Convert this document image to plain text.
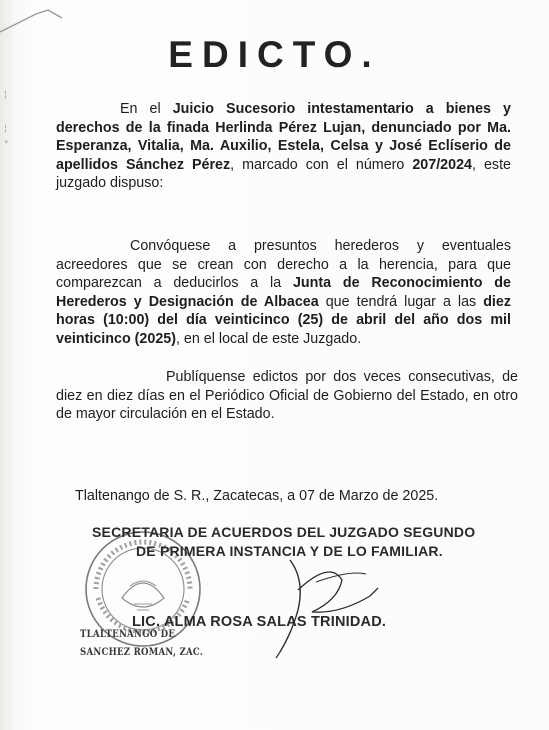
¦
¦
°
EDICTO.
En el Juicio Sucesorio intestamentario a bienes y derechos de la finada Herlinda Pérez Lujan, denunciado por Ma. Esperanza, Vitalia, Ma. Auxilio, Estela, Celsa y José Eclíserio de apellidos Sánchez Pérez, marcado con el número 207/2024, este juzgado dispuso:
Convóquese a presuntos herederos y eventuales acreedores que se crean con derecho a la herencia, para que comparezcan a deducirlos a la Junta de Reconocimiento de Herederos y Designación de Albacea que tendrá lugar a las diez horas (10:00) del día veinticinco (25) de abril del año dos mil veinticinco (2025), en el local de este Juzgado.
Publíquense edictos por dos veces consecutivas, de diez en diez días en el Periódico Oficial de Gobierno del Estado, en otro de mayor circulación en el Estado.
Tlaltenango de S. R., Zacatecas, a 07 de Marzo de 2025.
SECRETARIA DE ACUERDOS DEL JUZGADO SEGUNDO
DE PRIMERA INSTANCIA Y DE LO FAMILIAR.
LIC. ALMA ROSA SALAS TRINIDAD.
TLALTENANGO DE
SANCHEZ ROMAN, ZAC.
